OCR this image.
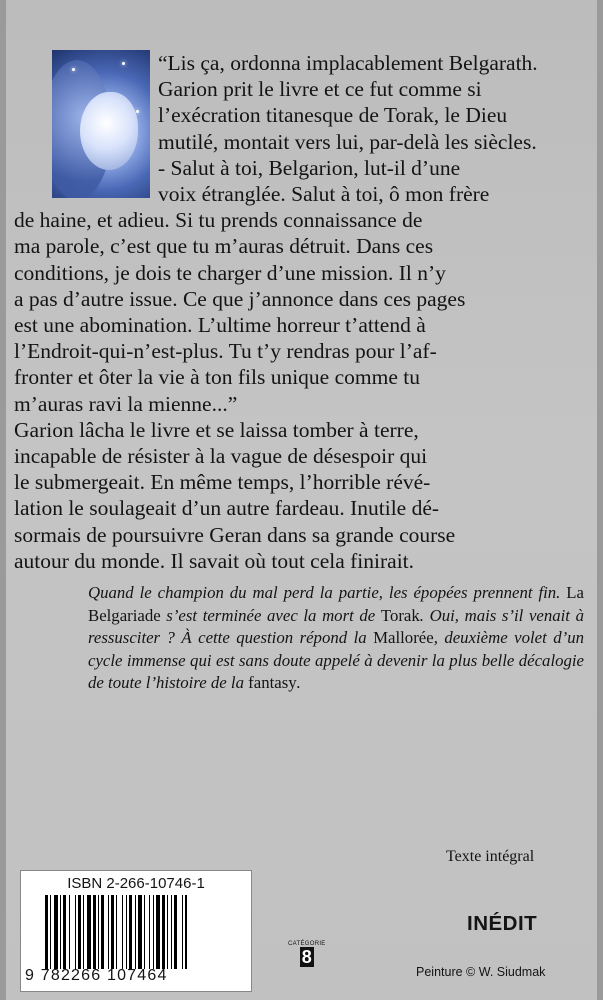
“Lis ça, ordonna implacablement Belgarath.

Garion prit le livre et ce fut comme si

l’exécration titanesque de Torak, le Dieu

mutilé, montait vers lui, par-delà les siècles.

- Salut à toi, Belgarion, lut-il d’une

voix étranglée. Salut à toi, ô mon frère

de haine, et adieu. Si tu prends connaissance de

ma parole, c’est que tu m’auras détruit. Dans ces

conditions, je dois te charger d’une mission. Il n’y

a pas d’autre issue. Ce que j’annonce dans ces pages

est une abomination. L’ultime horreur t’attend à

l’Endroit-qui-n’est-plus. Tu t’y rendras pour l’af-

fronter et ôter la vie à ton fils unique comme tu

m’auras ravi la mienne...”

Garion lâcha le livre et se laissa tomber à terre,

incapable de résister à la vague de désespoir qui

le submergeait. En même temps, l’horrible révé-

lation le soulageait d’un autre fardeau. Inutile dé-

sormais de poursuivre Geran dans sa grande course

autour du monde. Il savait où tout cela finirait.

Quand le champion du mal perd la partie, les épopées prennent fin. La Belgariade s’est terminée avec la mort de Torak. Oui, mais s’il venait à ressusciter ? À cette question répond la Mallorée, deuxième volet d’un cycle immense qui est sans doute appelé à devenir la plus belle décalogie de toute l’histoire de la fantasy.

Texte intégral
ISBN 2-266-10746-1
9 782266 107464
CATÉGORIE
8
INÉDIT
Peinture © W. Siudmak
